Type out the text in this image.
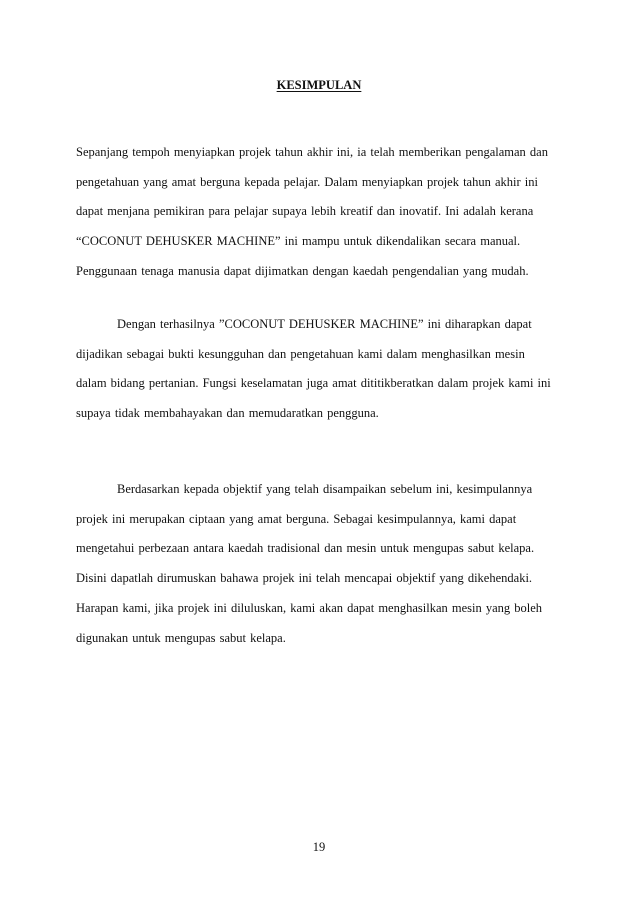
KESIMPULAN
Sepanjang tempoh menyiapkan projek tahun akhir ini, ia telah memberikan pengalaman dan
pengetahuan yang amat berguna kepada pelajar. Dalam menyiapkan projek tahun akhir ini
dapat menjana pemikiran para pelajar supaya lebih kreatif dan inovatif. Ini adalah kerana
“COCONUT DEHUSKER MACHINE” ini mampu untuk dikendalikan secara manual.
Penggunaan tenaga manusia dapat dijimatkan dengan kaedah pengendalian yang mudah.
Dengan terhasilnya ”COCONUT DEHUSKER MACHINE” ini diharapkan dapat
dijadikan sebagai bukti kesungguhan dan pengetahuan kami dalam menghasilkan mesin
dalam bidang pertanian. Fungsi keselamatan juga amat dititikberatkan dalam projek kami ini
supaya tidak membahayakan dan memudaratkan pengguna.
Berdasarkan kepada objektif yang telah disampaikan sebelum ini, kesimpulannya
projek ini merupakan ciptaan yang amat berguna. Sebagai kesimpulannya, kami dapat
mengetahui perbezaan antara kaedah tradisional dan mesin untuk mengupas sabut kelapa.
Disini dapatlah dirumuskan bahawa projek ini telah mencapai objektif yang dikehendaki.
Harapan kami, jika projek ini diluluskan, kami akan dapat menghasilkan mesin yang boleh
digunakan untuk mengupas sabut kelapa.
19
